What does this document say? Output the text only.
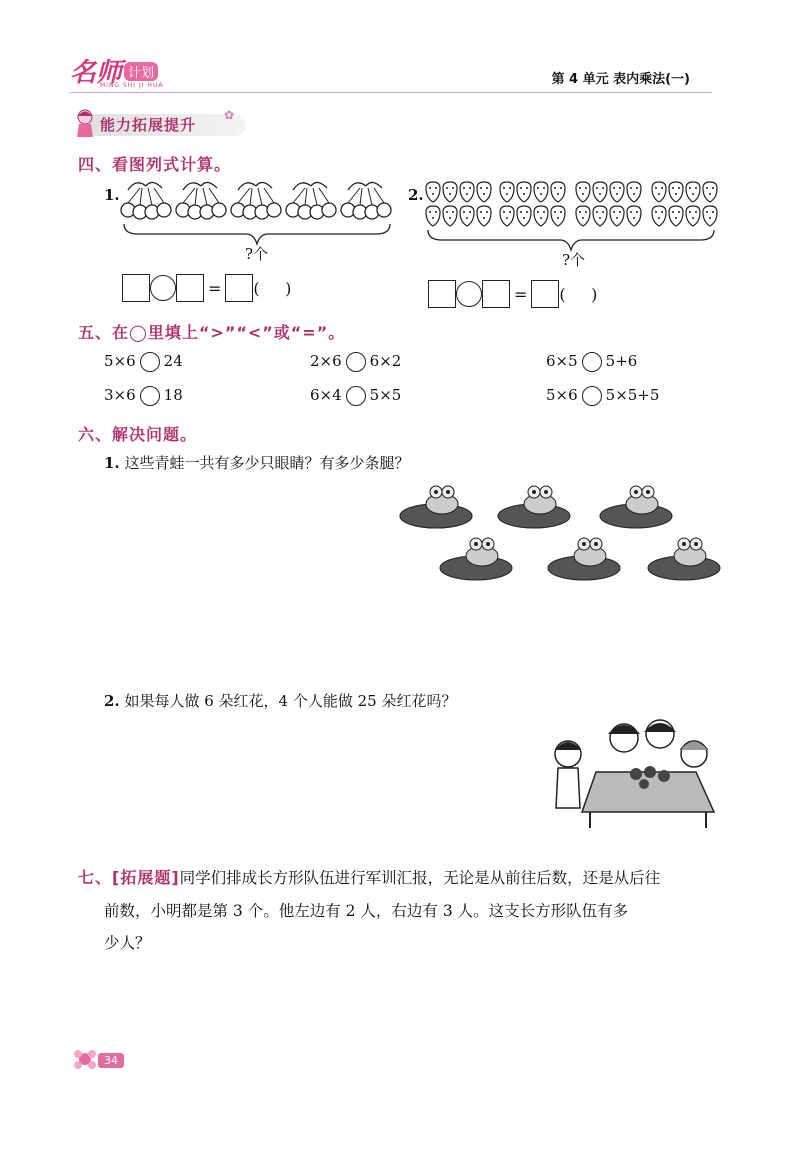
名师 计划
MING SHI JI HUA	第 4 单元 表内乘法(一)
能力拓展提升
✿
四、看图列式计算。
1.
?个
= (     )
2.
?个
= (     )
五、在◯里填上“>”“<”或“=”。
5×6 24	2×6 6×2	6×5 5+6
3×6 18	6×4 5×5	5×6 5×5+5
六、解决问题。
1. 这些青蛙一共有多少只眼睛？有多少条腿？
2. 如果每人做 6 朵红花，4 个人能做 25 朵红花吗？
七、[拓展题]同学们排成长方形队伍进行军训汇报，无论是从前往后数，还是从后往
前数，小明都是第 3 个。他左边有 2 人，右边有 3 人。这支长方形队伍有多
少人？
34
